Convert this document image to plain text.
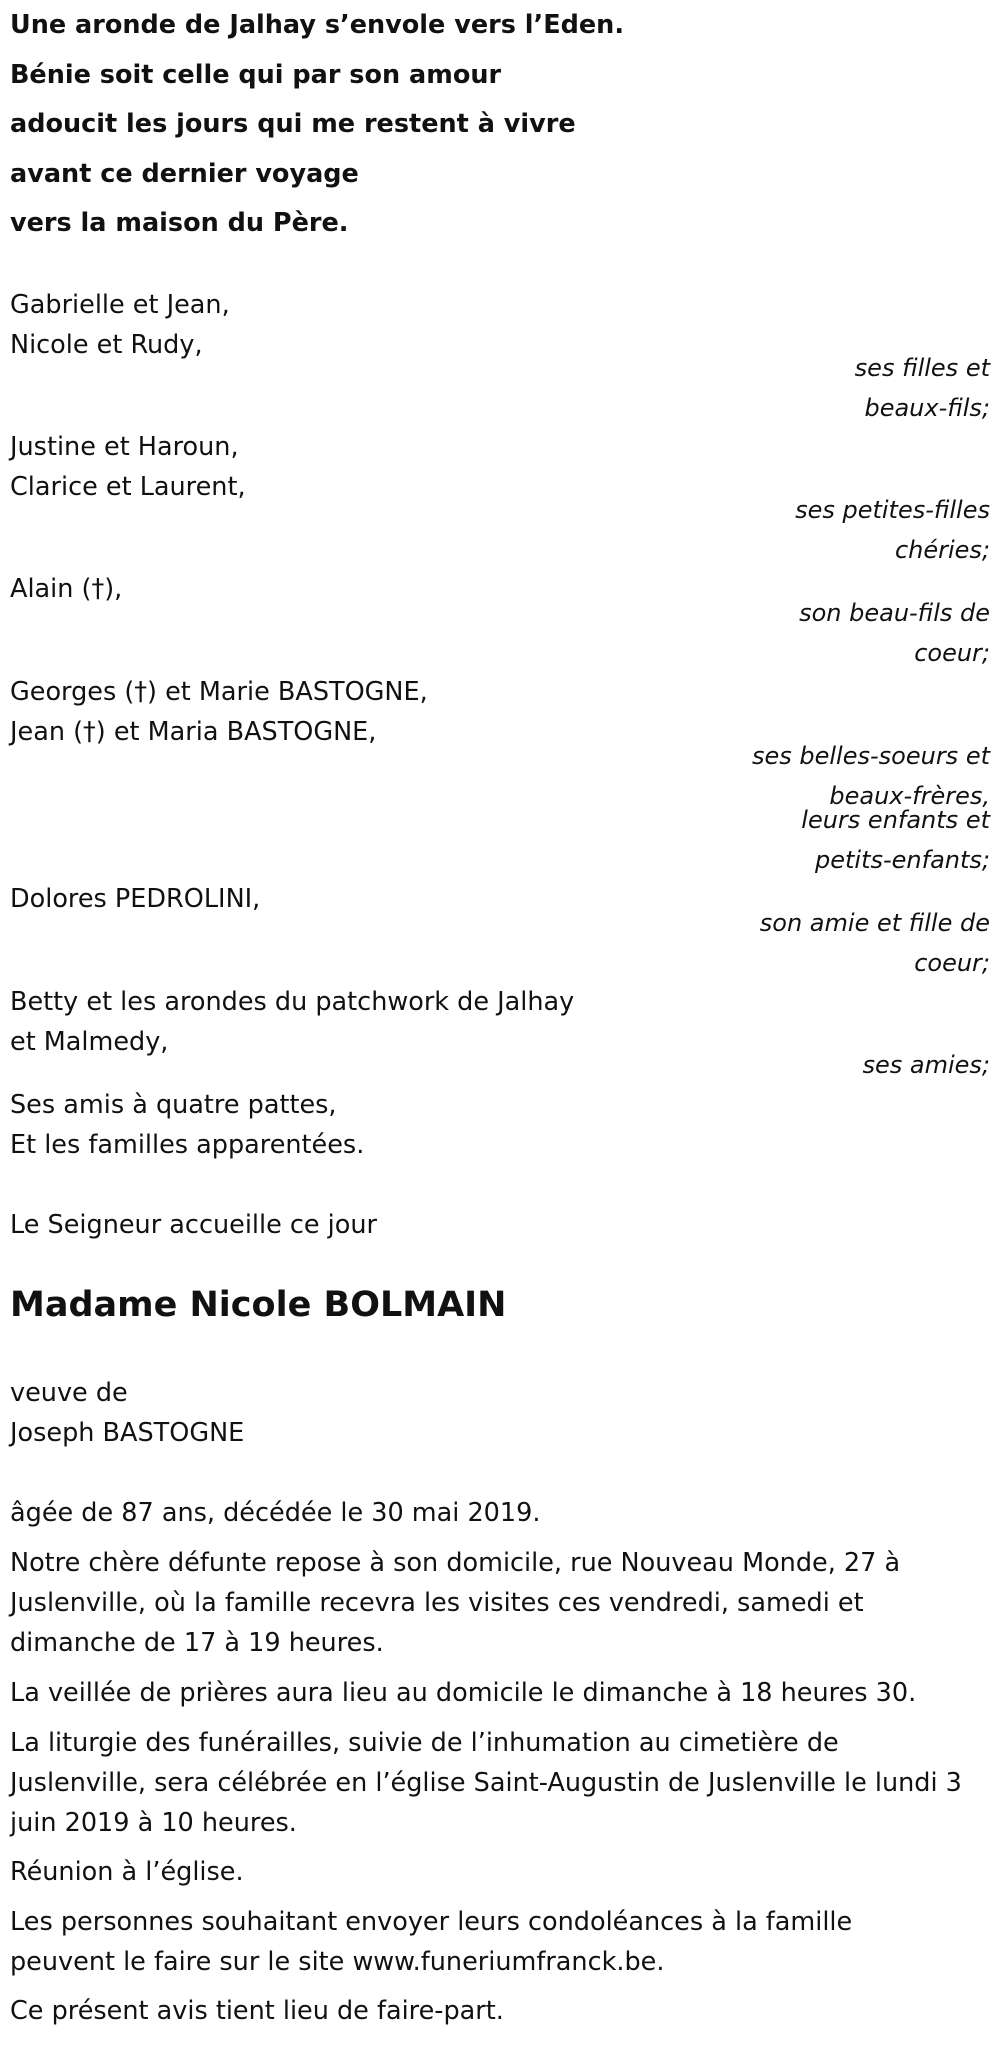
Une aronde de Jalhay s’envole vers l’Eden.

Bénie soit celle qui par son amour

adoucit les jours qui me restent à vivre

avant ce dernier voyage

vers la maison du Père.

Gabrielle et Jean,

Nicole et Rudy,

ses filles et

beaux-fils;

Justine et Haroun,

Clarice et Laurent,

ses petites-filles

chéries;

Alain (†),

son beau-fils de

coeur;

Georges (†) et Marie BASTOGNE,

Jean (†) et Maria BASTOGNE,

ses belles-soeurs et

beaux-frères,

leurs enfants et

petits-enfants;

Dolores PEDROLINI,

son amie et fille de

coeur;

Betty et les arondes du patchwork de Jalhay

et Malmedy,

ses amies;

Ses amis à quatre pattes,

Et les familles apparentées.

Le Seigneur accueille ce jour

Madame Nicole BOLMAIN

veuve de

Joseph BASTOGNE

âgée de 87 ans, décédée le 30 mai 2019.

Notre chère défunte repose à son domicile, rue Nouveau Monde, 27 à

Juslenville, où la famille recevra les visites ces vendredi, samedi et

dimanche de 17 à 19 heures.

La veillée de prières aura lieu au domicile le dimanche à 18 heures 30.

La liturgie des funérailles, suivie de l’inhumation au cimetière de

Juslenville, sera célébrée en l’église Saint-Augustin de Juslenville le lundi 3

juin 2019 à 10 heures.

Réunion à l’église.

Les personnes souhaitant envoyer leurs condoléances à la famille

peuvent le faire sur le site www.funeriumfranck.be.

Ce présent avis tient lieu de faire-part.
